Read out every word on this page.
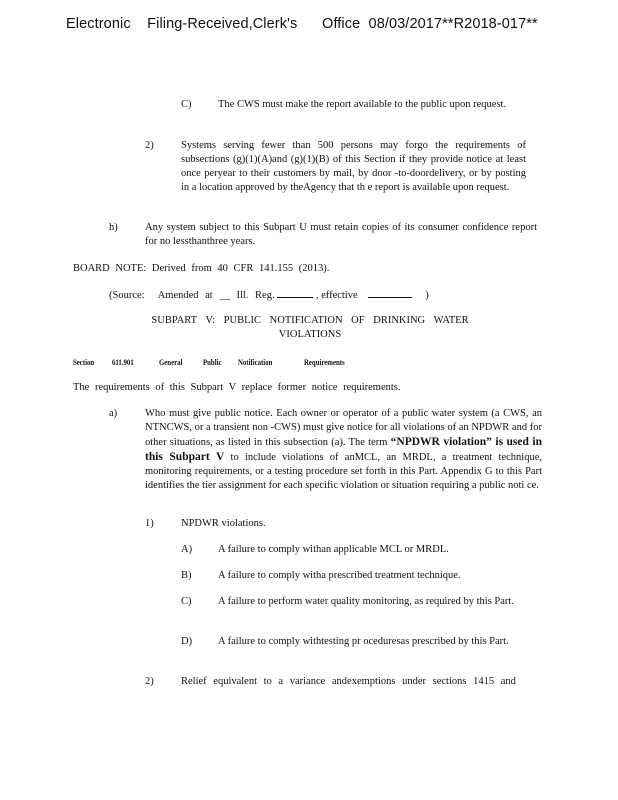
Electronic    Filing-Received,Clerk's      Office  08/03/2017**R2018-017**
C)	The CWS must make the report available to the public upon request.
2)	Systems serving fewer than 500 persons may forgo the requirements of subsections (g)(1)(A)and (g)(1)(B) of this Section if they provide notice at least once peryear to their customers by mail, by door -to-doordelivery, or by posting in a location approved by theAgency that th e report is available upon request.
h)	Any system subject to this Subpart U must retain copies of its consumer confidence report for no lessthanthree years.
BOARD NOTE: Derived from 40 CFR 141.155 (2013).
(Source: Amended at __ Ill. Reg.	, effective	)
SUBPART V: PUBLIC NOTIFICATION OF DRINKING WATER
VIOLATIONS
Section 611.901	General	Public Notification	Requirements
The requirements of this Subpart V replace former notice requirements.
a)	Who must give public notice. Each owner or operator of a public water system (a CWS, an NTNCWS, or a transient non -CWS) must give notice for all violations of an NPDWR and for other situations, as listed in this subsection (a). The term “NPDWR violation” is used in this Subpart V to include violations of anMCL, an MRDL, a treatment technique, monitoring requirements, or a testing procedure set forth in this Part. Appendix G to this Part identifies the tier assignment for each specific violation or situation requiring a public noti ce.
1)	NPDWR violations.
A) A failure to comply withan applicable MCL or MRDL.
B)	A failure to comply witha prescribed treatment technique.
C)	A failure to perform water quality monitoring, as required by this Part.
D) A failure to comply withtesting pr oceduresas prescribed by this Part.
2)	Relief equivalent to a variance andexemptions under sections 1415 and
